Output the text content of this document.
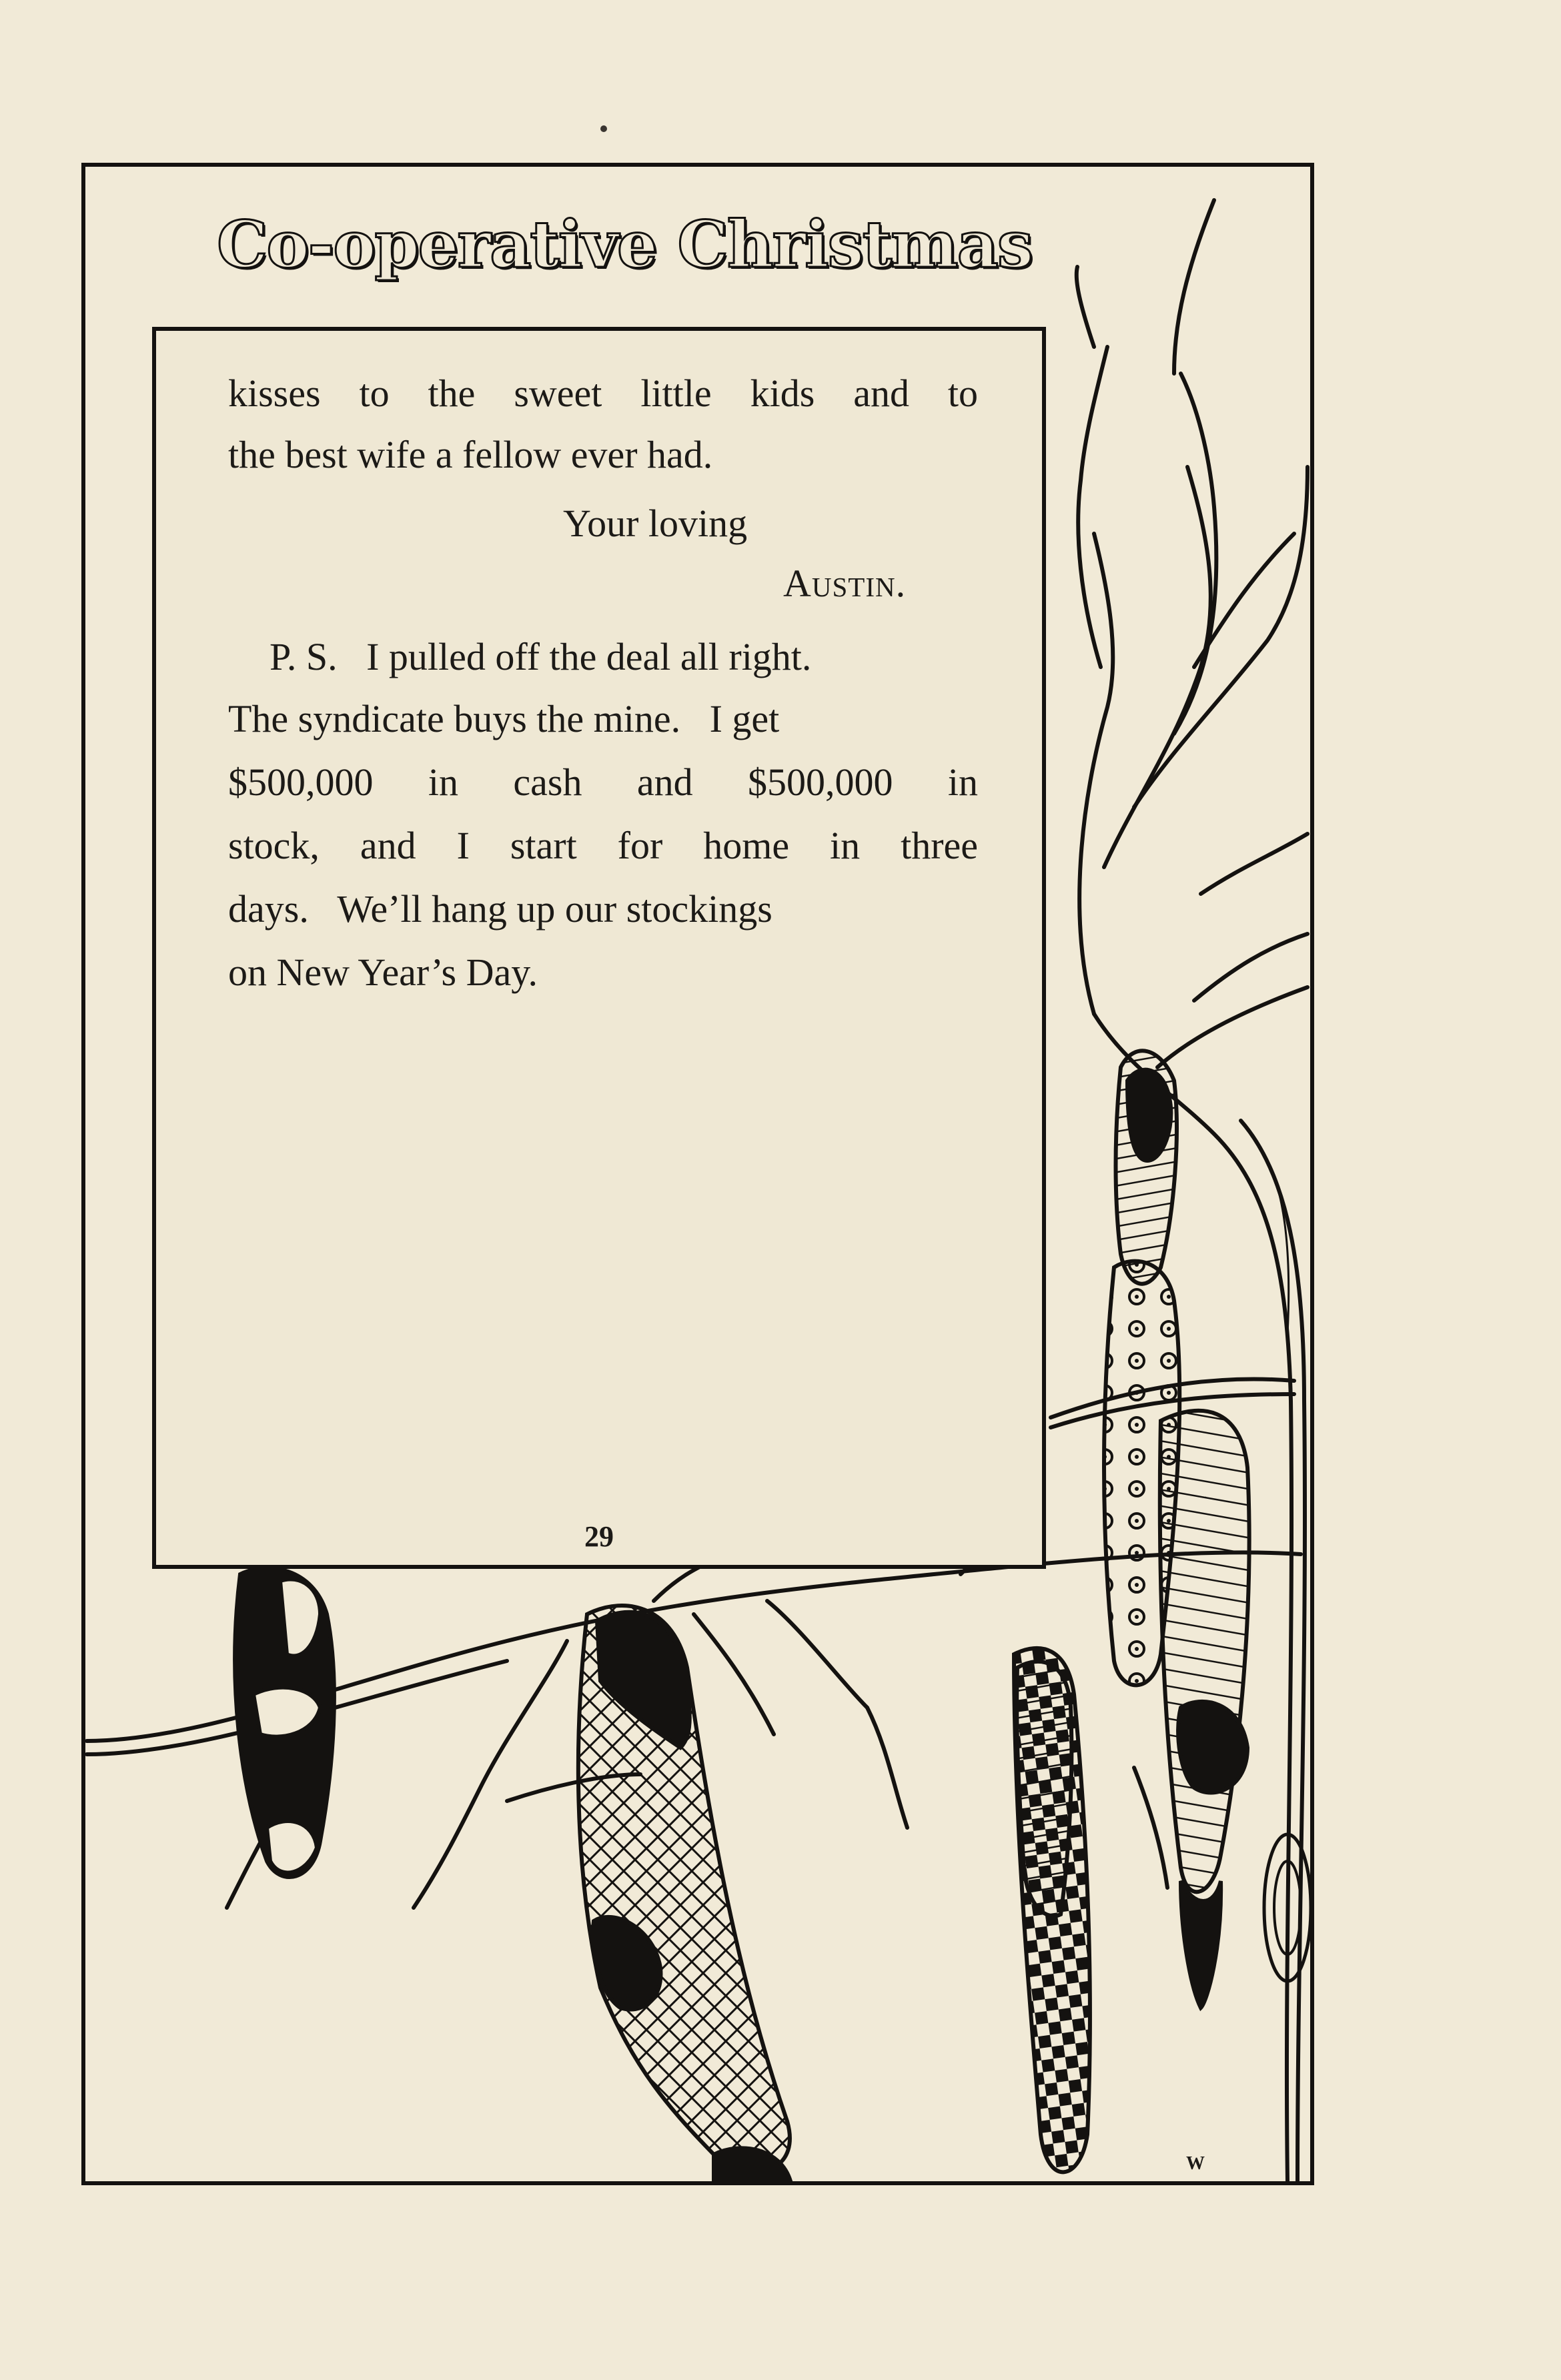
Co-operative Christmas
kisses to the sweet little kids and to
the best wife a fellow ever had.
Your loving
Austin.
P. S.   I pulled off the deal all right.
The syndicate buys the mine.   I get
$500,000 in cash and $500,000 in
stock, and I start for home in three
days.   We’ll hang up our stockings
on New Year’s Day.
29
W
